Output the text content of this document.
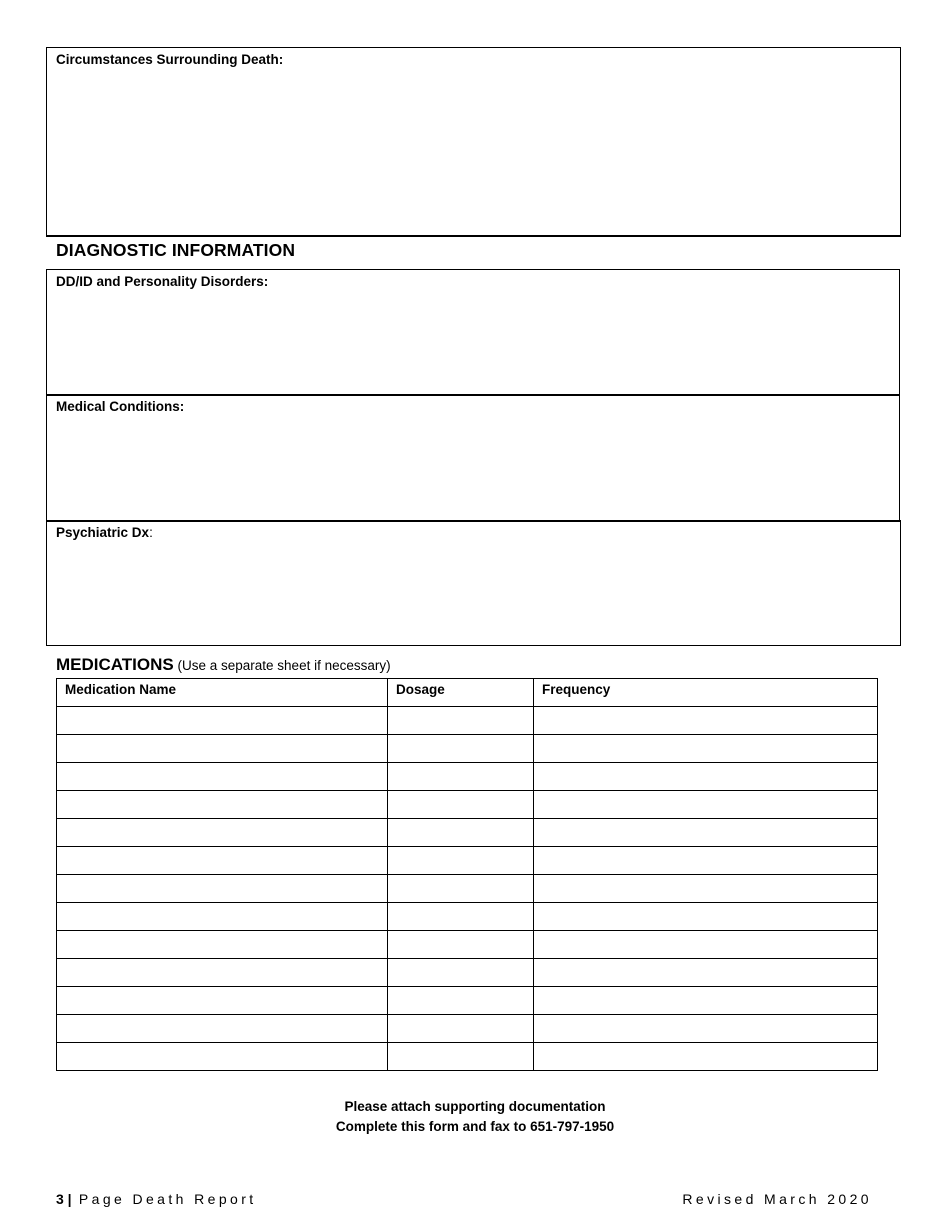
Circumstances Surrounding Death:
DIAGNOSTIC INFORMATION
DD/ID and Personality Disorders:
Medical Conditions:
Psychiatric Dx:
MEDICATIONS (Use a separate sheet if necessary)
Medication Name	Dosage	Frequency

Please attach supporting documentation
Complete this form and fax to 651-797-1950
3 | Page Death Report	Revised March 2020
